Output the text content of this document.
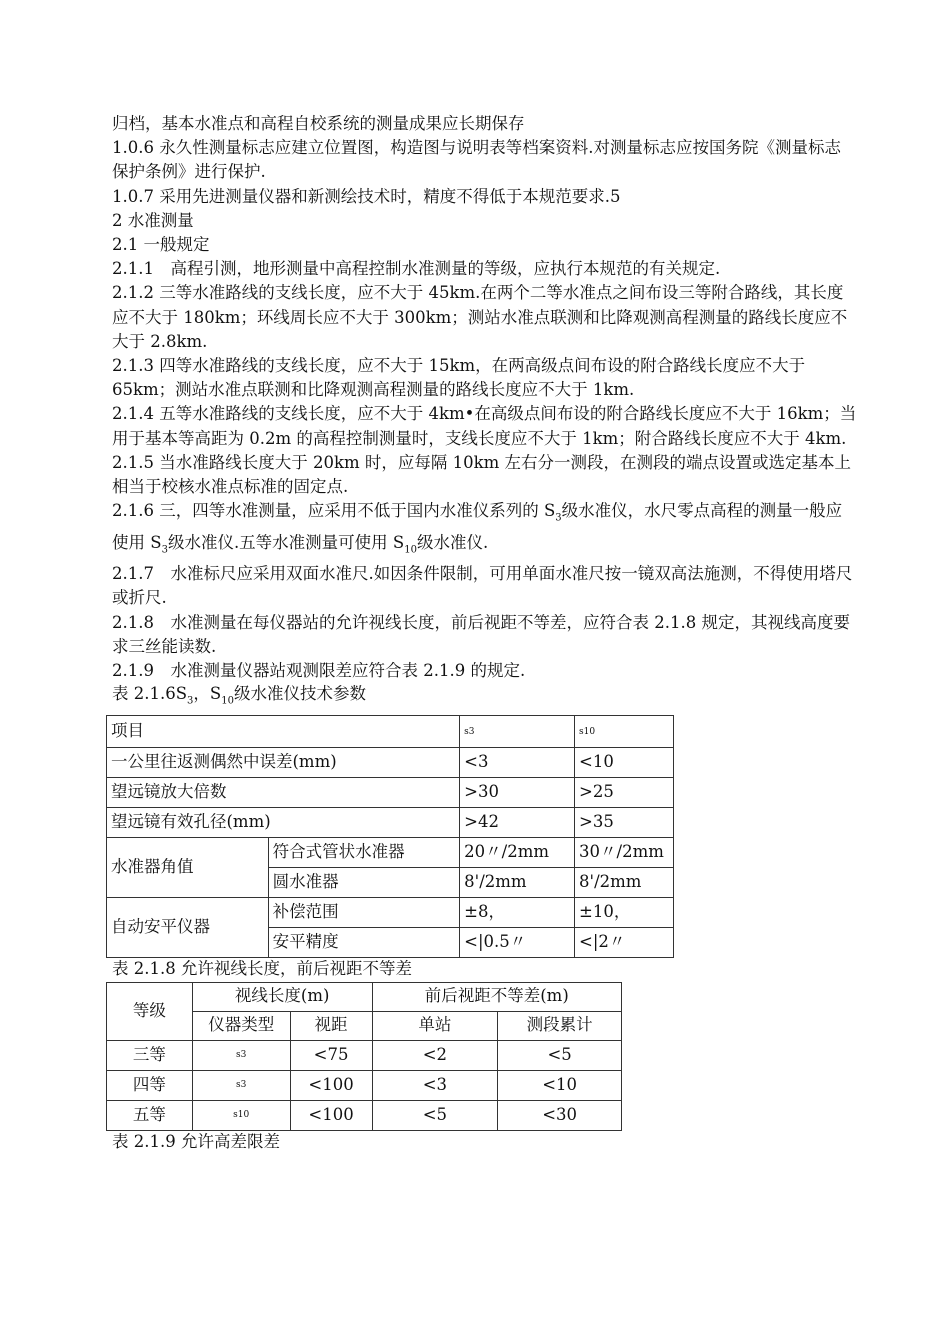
归档，基本水准点和高程自校系统的测量成果应长期保存

1.0.6 永久性测量标志应建立位置图，构造图与说明表等档案资料.对测量标志应按国务院《测量标志保护条例》进行保护.

1.0.7 采用先进测量仪器和新测绘技术时，精度不得低于本规范要求.5

2 水准测量

2.1 一般规定

2.1.1　高程引测，地形测量中高程控制水准测量的等级，应执行本规范的有关规定.

2.1.2 三等水准路线的支线长度，应不大于 45km.在两个二等水准点之间布设三等附合路线，其长度应不大于 180km；环线周长应不大于 300km；测站水准点联测和比降观测高程测量的路线长度应不大于 2.8km.

2.1.3 四等水准路线的支线长度，应不大于 15km，在两高级点间布设的附合路线长度应不大于 65km；测站水准点联测和比降观测高程测量的路线长度应不大于 1km.

2.1.4 五等水准路线的支线长度，应不大于 4km•在高级点间布设的附合路线长度应不大于 16km；当用于基本等高距为 0.2m 的高程控制测量时，支线长度应不大于 1km；附合路线长度应不大于 4km.

2.1.5 当水准路线长度大于 20km 时，应每隔 10km 左右分一测段，在测段的端点设置或选定基本上相当于校核水准点标准的固定点.

2.1.6 三，四等水准测量，应采用不低于国内水准仪系列的 $S_3$级水准仪，水尺零点高程的测量一般应使用 $S_3$级水准仪.五等水准测量可使用 $S_{10}$级水准仪.

2.1.7　水准标尺应采用双面水准尺.如因条件限制，可用单面水准尺按一镜双高法施测，不得使用塔尺或折尺.

2.1.8　水准测量在每仪器站的允许视线长度，前后视距不等差，应符合表 2.1.8 规定，其视线高度要求三丝能读数.

2.1.9　水准测量仪器站观测限差应符合表 2.1.9 的规定.

表 $2.1.6S_3$，$S_{10}$级水准仪技术参数

项目		s3	s10
一公里往返测偶然中误差(mm)		<3	<10
望远镜放大倍数		>30	>25
望远镜有效孔径(mm)		>42	>35
水准器角值	符合式管状水准器	20〃/2mm	30〃/2mm
	圆水准器	8'/2mm	8'/2mm
自动安平仪器	补偿范围	±8，	±10，
	安平精度	<|0.5〃	<|2〃

表 2.1.8 允许视线长度，前后视距不等差

等级	视线长度(m)		前后视距不等差(m)	
	仪器类型	视距	单站	测段累计
三等	s3	<75	<2	<5
四等	s3	<100	<3	<10
五等	s10	<100	<5	<30

表 2.1.9 允许高差限差
